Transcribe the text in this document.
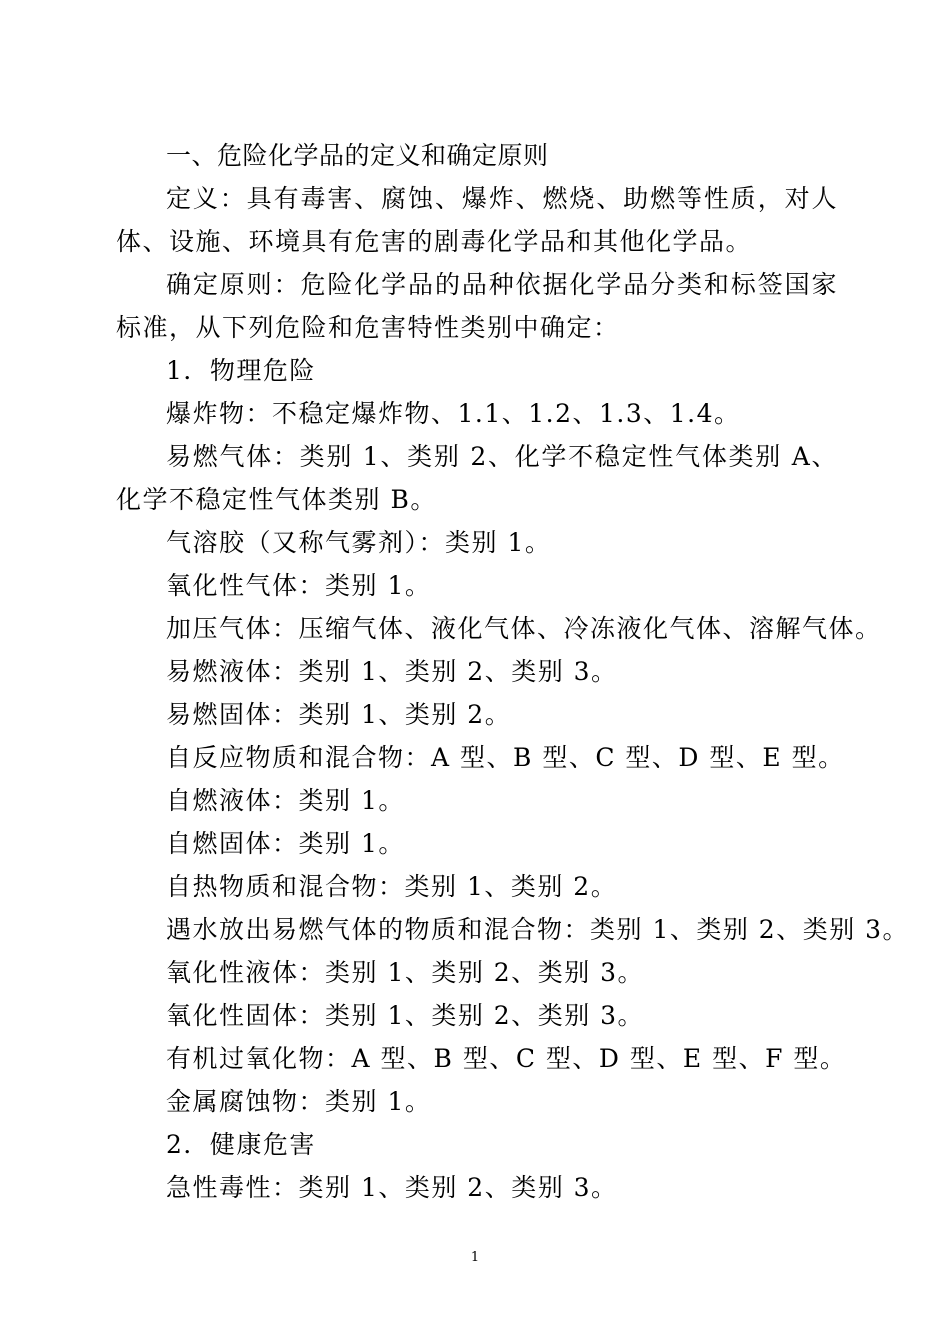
一、危险化学品的定义和确定原则
定义：具有毒害、腐蚀、爆炸、燃烧、助燃等性质，对人体、设施、环境具有危害的剧毒化学品和其他化学品。
确定原则：危险化学品的品种依据化学品分类和标签国家标准，从下列危险和危害特性类别中确定：
1．物理危险
爆炸物：不稳定爆炸物、1.1、1.2、1.3、1.4。
易燃气体：类别 1、类别 2、化学不稳定性气体类别 A、化学不稳定性气体类别 B。
气溶胶（又称气雾剂）：类别 1。
氧化性气体：类别 1。
加压气体：压缩气体、液化气体、冷冻液化气体、溶解气体。
易燃液体：类别 1、类别 2、类别 3。
易燃固体：类别 1、类别 2。
自反应物质和混合物：A 型、B 型、C 型、D 型、E 型。
自燃液体：类别 1。
自燃固体：类别 1。
自热物质和混合物：类别 1、类别 2。
遇水放出易燃气体的物质和混合物：类别 1、类别 2、类别 3。
氧化性液体：类别 1、类别 2、类别 3。
氧化性固体：类别 1、类别 2、类别 3。
有机过氧化物：A 型、B 型、C 型、D 型、E 型、F 型。
金属腐蚀物：类别 1。
2．健康危害
急性毒性：类别 1、类别 2、类别 3。
1
